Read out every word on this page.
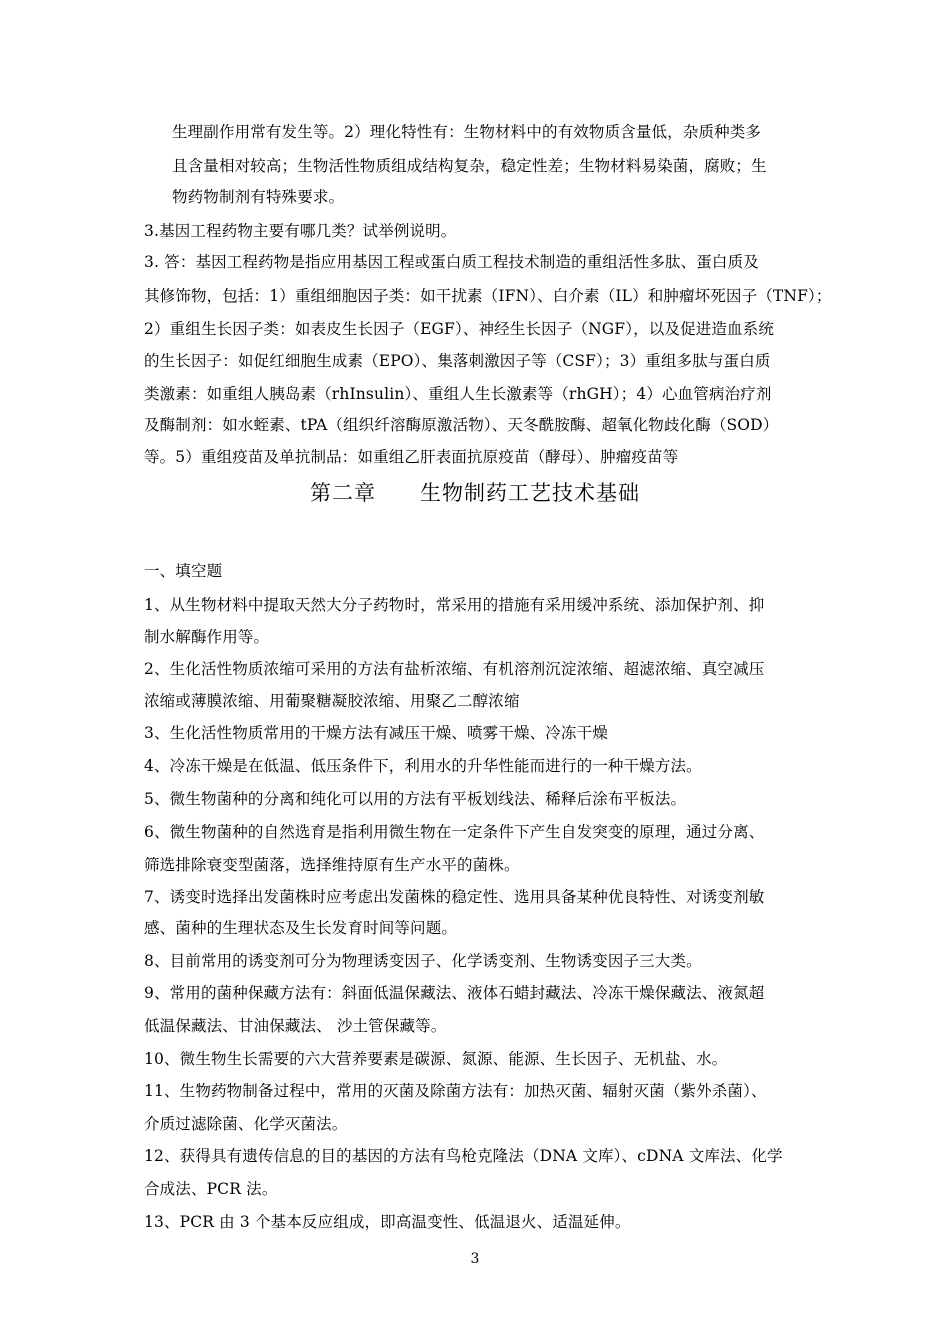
生理副作用常有发生等。2）理化特性有：生物材料中的有效物质含量低，杂质种类多
且含量相对较高；生物活性物质组成结构复杂，稳定性差；生物材料易染菌，腐败；生
物药物制剂有特殊要求。
3.基因工程药物主要有哪几类？试举例说明。
3. 答：基因工程药物是指应用基因工程或蛋白质工程技术制造的重组活性多肽、蛋白质及
其修饰物，包括：1）重组细胞因子类：如干扰素（IFN）、白介素（IL）和肿瘤坏死因子（TNF）；
2）重组生长因子类：如表皮生长因子（EGF）、神经生长因子（NGF），以及促进造血系统
的生长因子：如促红细胞生成素（EPO）、集落刺激因子等（CSF）；3）重组多肽与蛋白质
类激素：如重组人胰岛素（rhInsulin）、重组人生长激素等（rhGH）；4）心血管病治疗剂
及酶制剂：如水蛭素、tPA（组织纤溶酶原激活物）、天冬酰胺酶、超氧化物歧化酶（SOD）
等。5）重组疫苗及单抗制品：如重组乙肝表面抗原疫苗（酵母）、肿瘤疫苗等
第二章　　生物制药工艺技术基础
一、填空题
1、从生物材料中提取天然大分子药物时，常采用的措施有采用缓冲系统、添加保护剂、抑
制水解酶作用等。
2、生化活性物质浓缩可采用的方法有盐析浓缩、有机溶剂沉淀浓缩、超滤浓缩、真空减压
浓缩或薄膜浓缩、用葡聚糖凝胶浓缩、用聚乙二醇浓缩
3、生化活性物质常用的干燥方法有减压干燥、喷雾干燥、冷冻干燥
4、冷冻干燥是在低温、低压条件下，利用水的升华性能而进行的一种干燥方法。
5、微生物菌种的分离和纯化可以用的方法有平板划线法、稀释后涂布平板法。
6、微生物菌种的自然选育是指利用微生物在一定条件下产生自发突变的原理，通过分离、
筛选排除衰变型菌落，选择维持原有生产水平的菌株。
7、诱变时选择出发菌株时应考虑出发菌株的稳定性、选用具备某种优良特性、对诱变剂敏
感、菌种的生理状态及生长发育时间等问题。
8、目前常用的诱变剂可分为物理诱变因子、化学诱变剂、生物诱变因子三大类。
9、常用的菌种保藏方法有：斜面低温保藏法、液体石蜡封藏法、冷冻干燥保藏法、液氮超
低温保藏法、甘油保藏法、 沙土管保藏等。
10、微生物生长需要的六大营养要素是碳源、氮源、能源、生长因子、无机盐、水。
11、生物药物制备过程中，常用的灭菌及除菌方法有：加热灭菌、辐射灭菌（紫外杀菌）、
介质过滤除菌、化学灭菌法。
12、获得具有遗传信息的目的基因的方法有鸟枪克隆法（DNA 文库）、cDNA 文库法、化学
合成法、PCR 法。
13、PCR 由 3 个基本反应组成，即高温变性、低温退火、适温延伸。
3
